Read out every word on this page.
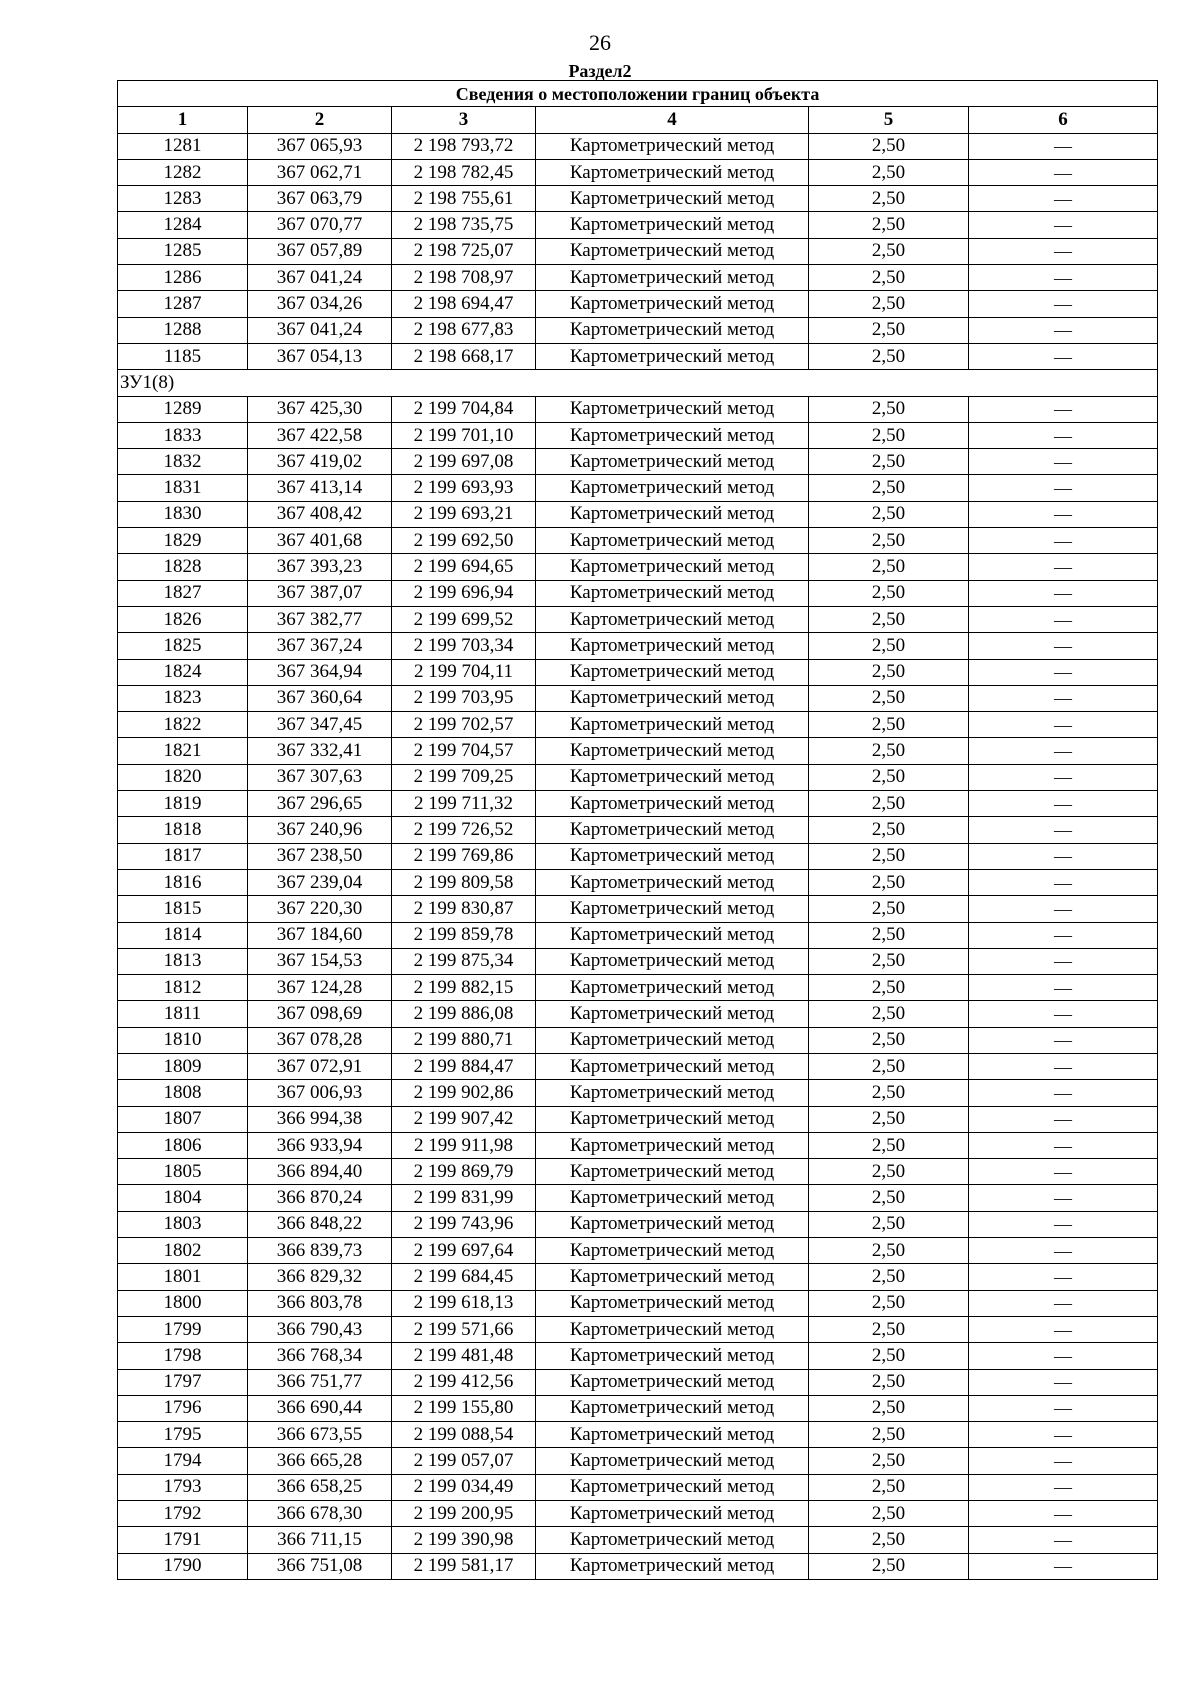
26
Раздел2
Сведения о местоположении границ объекта					
1	2	3	4	5	6
1281	367 065,93	2 198 793,72	Картометрический метод	2,50	—
1282	367 062,71	2 198 782,45	Картометрический метод	2,50	—
1283	367 063,79	2 198 755,61	Картометрический метод	2,50	—
1284	367 070,77	2 198 735,75	Картометрический метод	2,50	—
1285	367 057,89	2 198 725,07	Картометрический метод	2,50	—
1286	367 041,24	2 198 708,97	Картометрический метод	2,50	—
1287	367 034,26	2 198 694,47	Картометрический метод	2,50	—
1288	367 041,24	2 198 677,83	Картометрический метод	2,50	—
1185	367 054,13	2 198 668,17	Картометрический метод	2,50	—
ЗУ1(8)					
1289	367 425,30	2 199 704,84	Картометрический метод	2,50	—
1833	367 422,58	2 199 701,10	Картометрический метод	2,50	—
1832	367 419,02	2 199 697,08	Картометрический метод	2,50	—
1831	367 413,14	2 199 693,93	Картометрический метод	2,50	—
1830	367 408,42	2 199 693,21	Картометрический метод	2,50	—
1829	367 401,68	2 199 692,50	Картометрический метод	2,50	—
1828	367 393,23	2 199 694,65	Картометрический метод	2,50	—
1827	367 387,07	2 199 696,94	Картометрический метод	2,50	—
1826	367 382,77	2 199 699,52	Картометрический метод	2,50	—
1825	367 367,24	2 199 703,34	Картометрический метод	2,50	—
1824	367 364,94	2 199 704,11	Картометрический метод	2,50	—
1823	367 360,64	2 199 703,95	Картометрический метод	2,50	—
1822	367 347,45	2 199 702,57	Картометрический метод	2,50	—
1821	367 332,41	2 199 704,57	Картометрический метод	2,50	—
1820	367 307,63	2 199 709,25	Картометрический метод	2,50	—
1819	367 296,65	2 199 711,32	Картометрический метод	2,50	—
1818	367 240,96	2 199 726,52	Картометрический метод	2,50	—
1817	367 238,50	2 199 769,86	Картометрический метод	2,50	—
1816	367 239,04	2 199 809,58	Картометрический метод	2,50	—
1815	367 220,30	2 199 830,87	Картометрический метод	2,50	—
1814	367 184,60	2 199 859,78	Картометрический метод	2,50	—
1813	367 154,53	2 199 875,34	Картометрический метод	2,50	—
1812	367 124,28	2 199 882,15	Картометрический метод	2,50	—
1811	367 098,69	2 199 886,08	Картометрический метод	2,50	—
1810	367 078,28	2 199 880,71	Картометрический метод	2,50	—
1809	367 072,91	2 199 884,47	Картометрический метод	2,50	—
1808	367 006,93	2 199 902,86	Картометрический метод	2,50	—
1807	366 994,38	2 199 907,42	Картометрический метод	2,50	—
1806	366 933,94	2 199 911,98	Картометрический метод	2,50	—
1805	366 894,40	2 199 869,79	Картометрический метод	2,50	—
1804	366 870,24	2 199 831,99	Картометрический метод	2,50	—
1803	366 848,22	2 199 743,96	Картометрический метод	2,50	—
1802	366 839,73	2 199 697,64	Картометрический метод	2,50	—
1801	366 829,32	2 199 684,45	Картометрический метод	2,50	—
1800	366 803,78	2 199 618,13	Картометрический метод	2,50	—
1799	366 790,43	2 199 571,66	Картометрический метод	2,50	—
1798	366 768,34	2 199 481,48	Картометрический метод	2,50	—
1797	366 751,77	2 199 412,56	Картометрический метод	2,50	—
1796	366 690,44	2 199 155,80	Картометрический метод	2,50	—
1795	366 673,55	2 199 088,54	Картометрический метод	2,50	—
1794	366 665,28	2 199 057,07	Картометрический метод	2,50	—
1793	366 658,25	2 199 034,49	Картометрический метод	2,50	—
1792	366 678,30	2 199 200,95	Картометрический метод	2,50	—
1791	366 711,15	2 199 390,98	Картометрический метод	2,50	—
1790	366 751,08	2 199 581,17	Картометрический метод	2,50	—
